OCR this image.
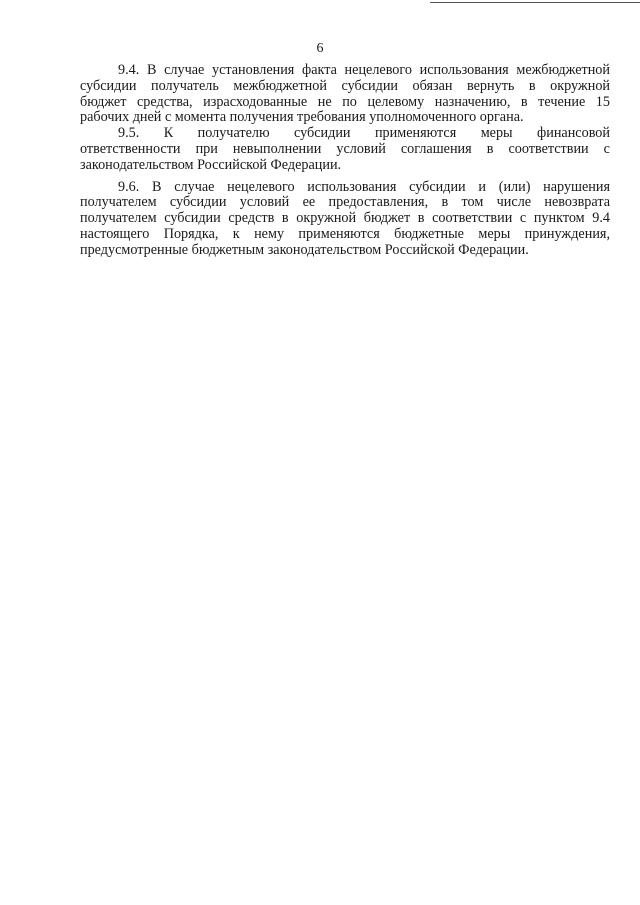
6

9.4. В случае установления факта нецелевого использования межбюджетной
субсидии получатель межбюджетной субсидии обязан вернуть в окружной
бюджет средства, израсходованные не по целевому назначению, в течение 15
рабочих дней с момента получения требования уполномоченного органа.

9.5. К получателю субсидии применяются меры финансовой
ответственности при невыполнении условий соглашения в соответствии с
законодательством Российской Федерации.

9.6. В случае нецелевого использования субсидии и (или) нарушения
получателем субсидии условий ее предоставления, в том числе невозврата
получателем субсидии средств в окружной бюджет в соответствии с пунктом 9.4
настоящего Порядка, к нему применяются бюджетные меры принуждения,
предусмотренные бюджетным законодательством Российской Федерации.
